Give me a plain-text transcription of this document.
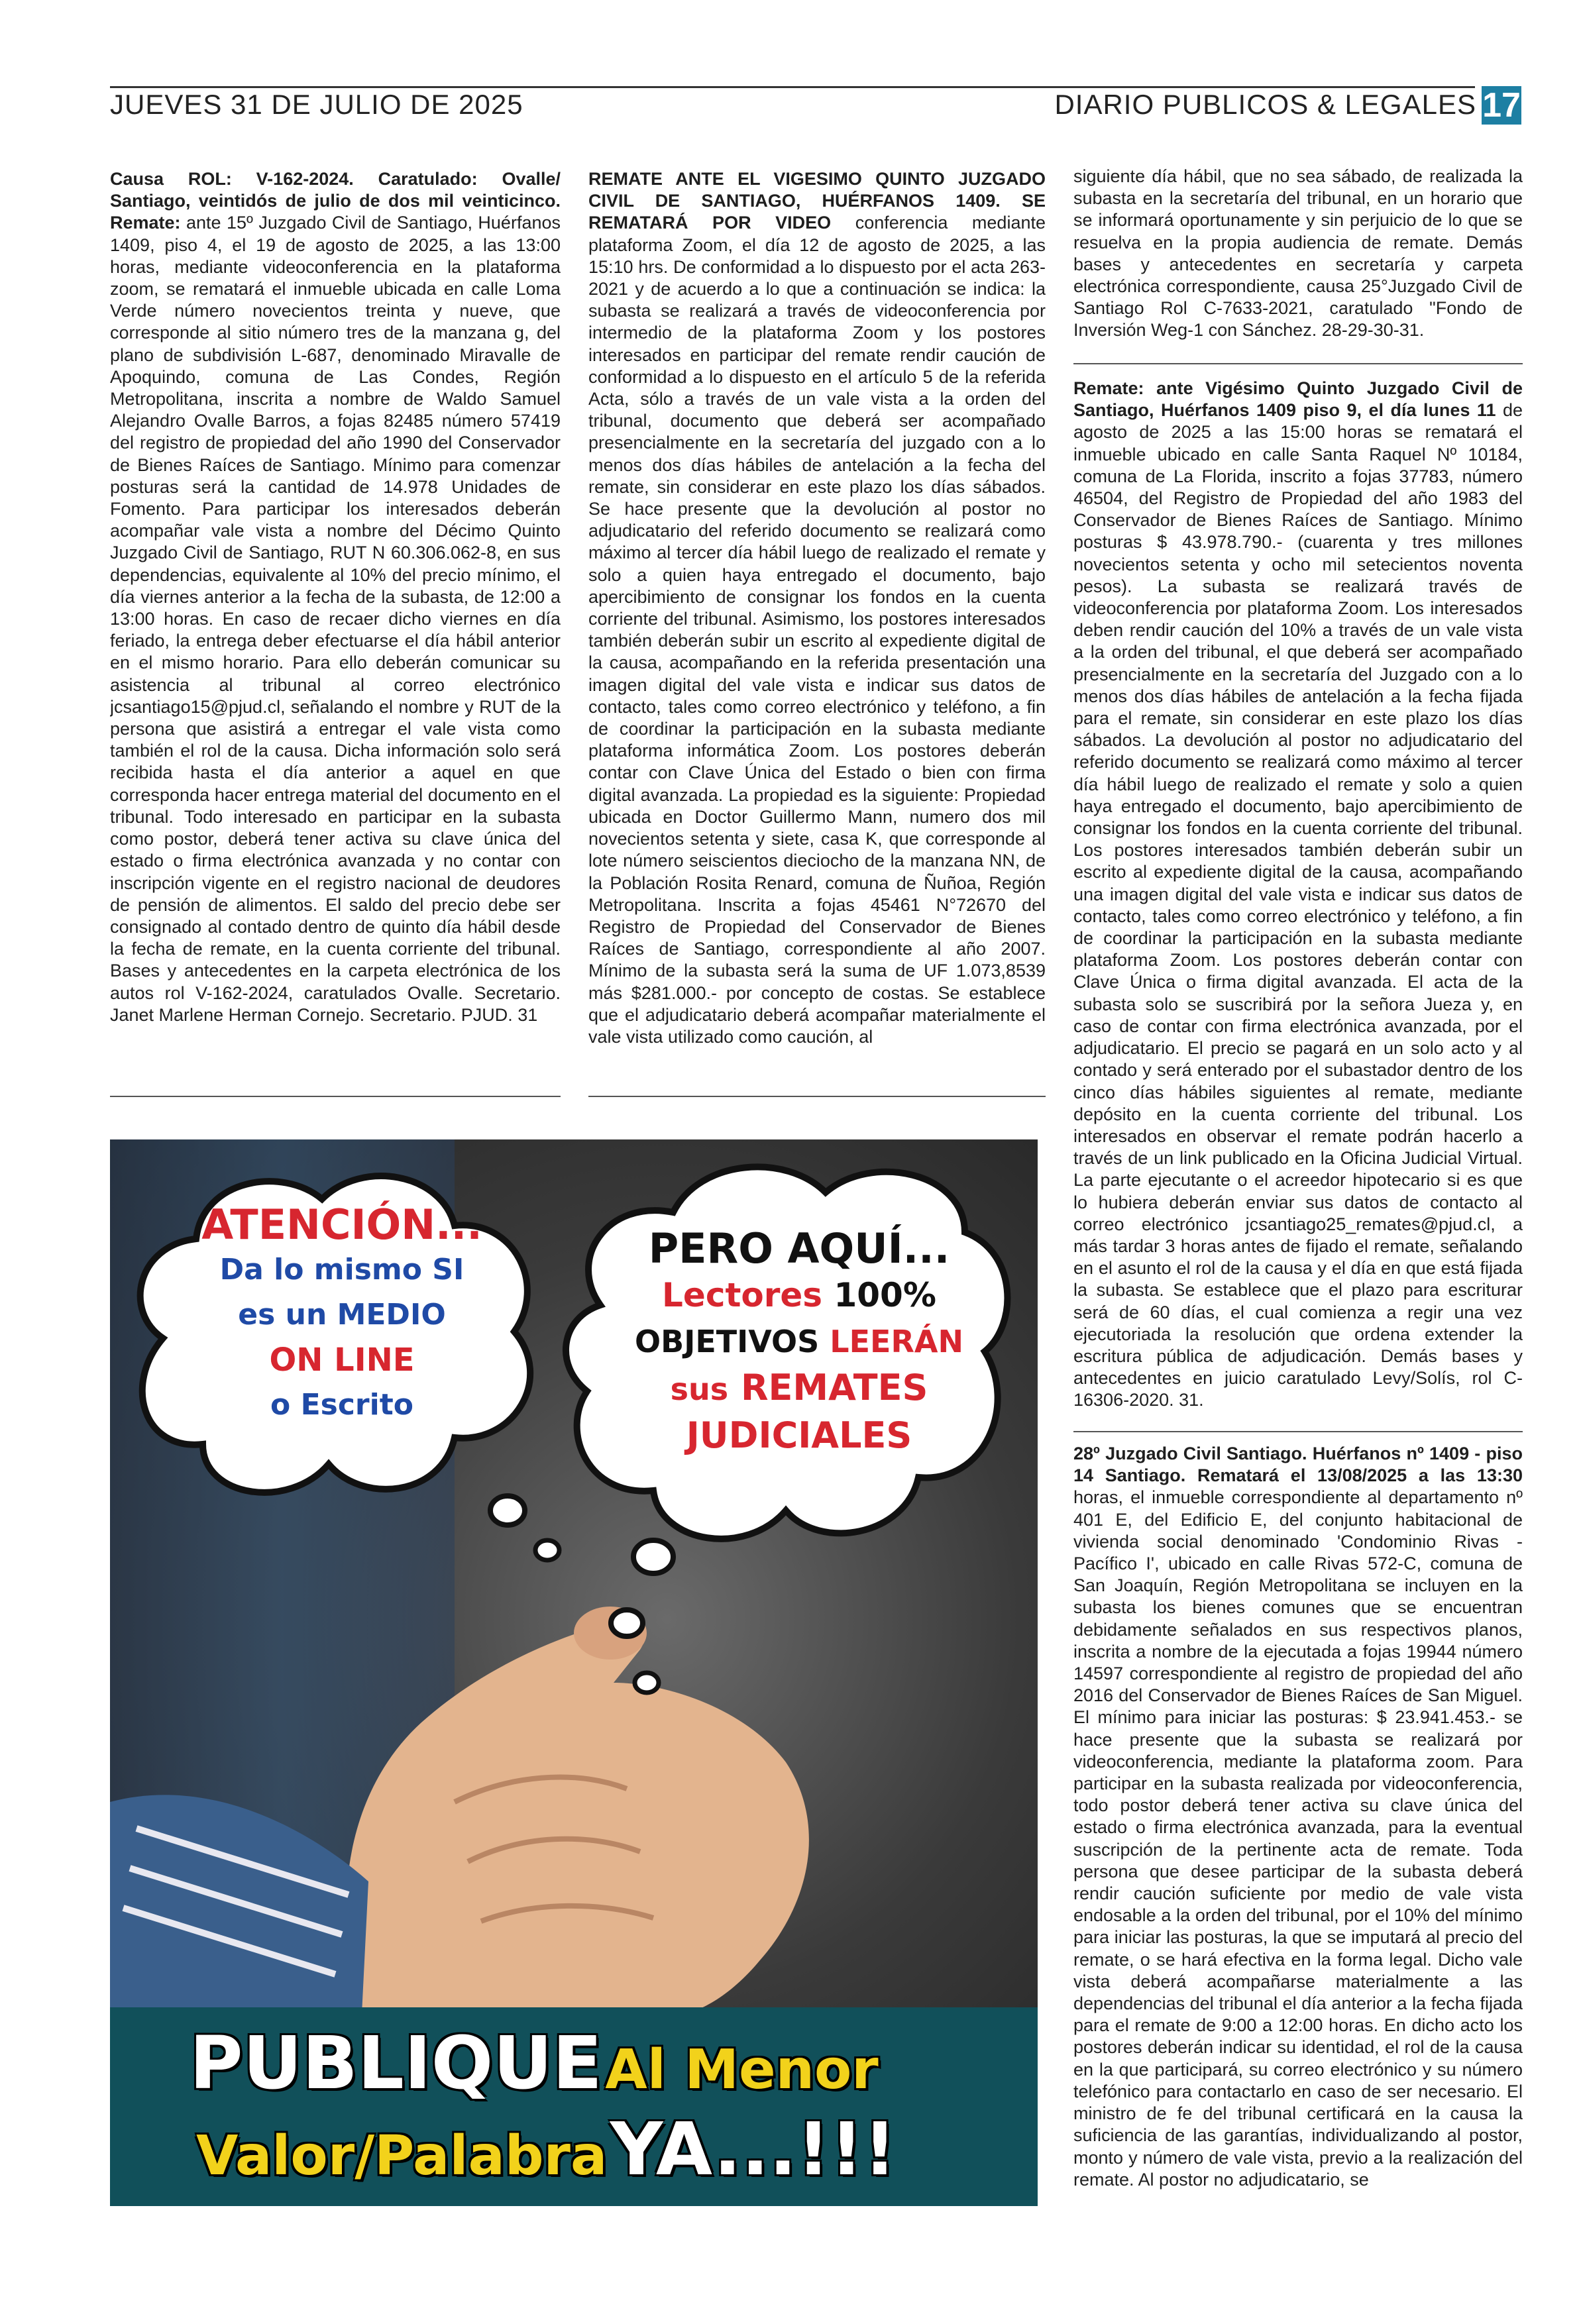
JUEVES 31 DE JULIO DE 2025	DIARIO PUBLICOS & LEGALES 17
Causa ROL: V-162-2024. Caratulado: Ovalle/ Santiago, veintidós de julio de dos mil veinticinco. Remate: ante 15º Juzgado Civil de Santiago, Huérfanos 1409, piso 4, el 19 de agosto de 2025, a las 13:00 horas, mediante videoconferencia en la plataforma zoom, se rematará el inmueble ubicada en calle Loma Verde número novecientos treinta y nueve, que corresponde al sitio número tres de la manzana g, del plano de subdivisión L-687, denominado Miravalle de Apoquindo, comuna de Las Condes, Región Metropolitana, inscrita a nombre de Waldo Samuel Alejandro Ovalle Barros, a fojas 82485 número 57419 del registro de propiedad del año 1990 del Conservador de Bienes Raíces de Santiago. Mínimo para comenzar posturas será la cantidad de 14.978 Unidades de Fomento. Para participar los interesados deberán acompañar vale vista a nombre del Décimo Quinto Juzgado Civil de Santiago, RUT N 60.306.062-8, en sus dependencias, equivalente al 10% del precio mínimo, el día viernes anterior a la fecha de la subasta, de 12:00 a 13:00 horas. En caso de recaer dicho viernes en día feriado, la entrega deber efectuarse el día hábil anterior en el mismo horario. Para ello deberán comunicar su asistencia al tribunal al correo electrónico jcsantiago15@pjud.cl, señalando el nombre y RUT de la persona que asistirá a entregar el vale vista como también el rol de la causa. Dicha información solo será recibida hasta el día anterior a aquel en que corresponda hacer entrega material del documento en el tribunal. Todo interesado en participar en la subasta como postor, deberá tener activa su clave única del estado o firma electrónica avanzada y no contar con inscripción vigente en el registro nacional de deudores de pensión de alimentos. El saldo del precio debe ser consignado al contado dentro de quinto día hábil desde la fecha de remate, en la cuenta corriente del tribunal. Bases y antecedentes en la carpeta electrónica de los autos rol V-162-2024, caratulados Ovalle. Secretario. Janet Marlene Herman Cornejo. Secretario. PJUD. 31
REMATE ANTE EL VIGESIMO QUINTO JUZGADO CIVIL DE SANTIAGO, HUÉRFANOS 1409. SE REMATARÁ POR VIDEO conferencia mediante plataforma Zoom, el día 12 de agosto de 2025, a las 15:10 hrs. De conformidad a lo dispuesto por el acta 263-2021 y de acuerdo a lo que a continuación se indica: la subasta se realizará a través de videoconferencia por intermedio de la plataforma Zoom y los postores interesados en participar del remate rendir caución de conformidad a lo dispuesto en el artículo 5 de la referida Acta, sólo a través de un vale vista a la orden del tribunal, documento que deberá ser acompañado presencialmente en la secretaría del juzgado con a lo menos dos días hábiles de antelación a la fecha del remate, sin considerar en este plazo los días sábados. Se hace presente que la devolución al postor no adjudicatario del referido documento se realizará como máximo al tercer día hábil luego de realizado el remate y solo a quien haya entregado el documento, bajo apercibimiento de consignar los fondos en la cuenta corriente del tribunal. Asimismo, los postores interesados también deberán subir un escrito al expediente digital de la causa, acompañando en la referida presentación una imagen digital del vale vista e indicar sus datos de contacto, tales como correo electrónico y teléfono, a fin de coordinar la participación en la subasta mediante plataforma informática Zoom. Los postores deberán contar con Clave Única del Estado o bien con firma digital avanzada. La propiedad es la siguiente: Propiedad ubicada en Doctor Guillermo Mann, numero dos mil novecientos setenta y siete, casa K, que corresponde al lote número seiscientos dieciocho de la manzana NN, de la Población Rosita Renard, comuna de Ñuñoa, Región Metropolitana. Inscrita a fojas 45461 N°72670 del Registro de Propiedad del Conservador de Bienes Raíces de Santiago, correspondiente al año 2007. Mínimo de la subasta será la suma de UF 1.073,8539 más $281.000.- por concepto de costas. Se establece que el adjudicatario deberá acompañar materialmente el vale vista utilizado como caución, al
siguiente día hábil, que no sea sábado, de realizada la subasta en la secretaría del tribunal, en un horario que se informará oportunamente y sin perjuicio de lo que se resuelva en la propia audiencia de remate. Demás bases y antecedentes en secretaría y carpeta electrónica correspondiente, causa 25°Juzgado Civil de Santiago Rol C-7633-2021, caratulado "Fondo de Inversión Weg-1 con Sánchez. 28-29-30-31.
Remate: ante Vigésimo Quinto Juzgado Civil de Santiago, Huérfanos 1409 piso 9, el día lunes 11 de agosto de 2025 a las 15:00 horas se rematará el inmueble ubicado en calle Santa Raquel Nº 10184, comuna de La Florida, inscrito a fojas 37783, número 46504, del Registro de Propiedad del año 1983 del Conservador de Bienes Raíces de Santiago. Mínimo posturas $ 43.978.790.- (cuarenta y tres millones novecientos setenta y ocho mil setecientos noventa pesos). La subasta se realizará través de videoconferencia por plataforma Zoom. Los interesados deben rendir caución del 10% a través de un vale vista a la orden del tribunal, el que deberá ser acompañado presencialmente en la secretaría del Juzgado con a lo menos dos días hábiles de antelación a la fecha fijada para el remate, sin considerar en este plazo los días sábados. La devolución al postor no adjudicatario del referido documento se realizará como máximo al tercer día hábil luego de realizado el remate y solo a quien haya entregado el documento, bajo apercibimiento de consignar los fondos en la cuenta corriente del tribunal. Los postores interesados también deberán subir un escrito al expediente digital de la causa, acompañando una imagen digital del vale vista e indicar sus datos de contacto, tales como correo electrónico y teléfono, a fin de coordinar la participación en la subasta mediante plataforma Zoom. Los postores deberán contar con Clave Única o firma digital avanzada. El acta de la subasta solo se suscribirá por la señora Jueza y, en caso de contar con firma electrónica avanzada, por el adjudicatario. El precio se pagará en un solo acto y al contado y será enterado por el subastador dentro de los cinco días hábiles siguientes al remate, mediante depósito en la cuenta corriente del tribunal. Los interesados en observar el remate podrán hacerlo a través de un link publicado en la Oficina Judicial Virtual. La parte ejecutante o el acreedor hipotecario si es que lo hubiera deberán enviar sus datos de contacto al correo electrónico jcsantiago25_remates@pjud.cl, a más tardar 3 horas antes de fijado el remate, señalando en el asunto el rol de la causa y el día en que está fijada la subasta. Se establece que el plazo para escriturar será de 60 días, el cual comienza a regir una vez ejecutoriada la resolución que ordena extender la escritura pública de adjudicación. Demás bases y antecedentes en juicio caratulado Levy/Solís, rol C-16306-2020. 31.
28º Juzgado Civil Santiago. Huérfanos nº 1409 - piso 14 Santiago. Rematará el 13/08/2025 a las 13:30 horas, el inmueble correspondiente al departamento nº 401 E, del Edificio E, del conjunto habitacional de vivienda social denominado 'Condominio Rivas - Pacífico I', ubicado en calle Rivas 572-C, comuna de San Joaquín, Región Metropolitana se incluyen en la subasta los bienes comunes que se encuentran debidamente señalados en sus respectivos planos, inscrita a nombre de la ejecutada a fojas 19944 número 14597 correspondiente al registro de propiedad del año 2016 del Conservador de Bienes Raíces de San Miguel. El mínimo para iniciar las posturas: $ 23.941.453.- se hace presente que la subasta se realizará por videoconferencia, mediante la plataforma zoom. Para participar en la subasta realizada por videoconferencia, todo postor deberá tener activa su clave única del estado o firma electrónica avanzada, para la eventual suscripción de la pertinente acta de remate. Toda persona que desee participar de la subasta deberá rendir caución suficiente por medio de vale vista endosable a la orden del tribunal, por el 10% del mínimo para iniciar las posturas, la que se imputará al precio del remate, o se hará efectiva en la forma legal. Dicho vale vista deberá acompañarse materialmente a las dependencias del tribunal el día anterior a la fecha fijada para el remate de 9:00 a 12:00 horas. En dicho acto los postores deberán indicar su identidad, el rol de la causa en la que participará, su correo electrónico y su número telefónico para contactarlo en caso de ser necesario. El ministro de fe del tribunal certificará en la causa la suficiencia de las garantías, individualizando al postor, monto y número de vale vista, previo a la realización del remate. Al postor no adjudicatario, se
ATENCIÓN...
Da lo mismo SI
es un MEDIO
ON LINE
o Escrito
PERO AQUÍ...
Lectores 100%
OBJETIVOS LEERÁN
sus REMATES
JUDICIALES
PUBLIQUE Al Menor
Valor/Palabra YA...!!!
